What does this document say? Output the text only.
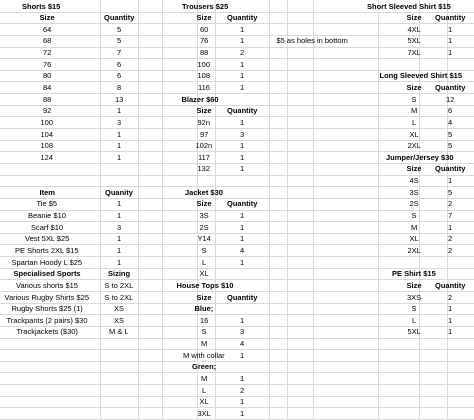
Shorts $15
Size	Quantity
64	5
68	5
72	7
76	6
80	6
84	8
88	13
92	1
100	3
104	1
108	1
124	1
Item	Quanity
Tie $5	1
Beanie $10	1
Scarf $10	3
Vest 5XL $25	1
PE Shorts 2XL $15	1
Spartan Hoody L $25	1
Specialised Sports	Sizing
Various shorts $15	S to 2XL
Various Rugby Shirts $25 S to 2XL
Rugby Shorts $25 (1)	XS
Trackpants (2 pairs) $30	XS
Trackjackets ($30)	M & L
Trousers $25
Size Quantity
60	1
76	1
88	2
100	1
108	1
116	1
$5 as holes in bottom
Blazer $60
Size Quantity
92n	1
97	3
102n	1
117	1
132	1
Jacket $30
Size Quantity
3S	1
2S	1
Y14	1
S	4
L	1
XL
House Tops $10
Size Quantity
Blue;
16	1
S	3
M	4
M with collar 1
Green;
M	1
L	2
XL	1
3XL	1
Short Sleeved Shirt $15
Size Quantity
4XL	1
5XL	1
7XL	1
Long Sleeved Shirt $15
Size Quantity
S	12
M	6
L	4
XL	5
2XL	5
Jumper/Jersey $30
Size Quantity
4S	1
3S	5
2S	2
S	7
M	1
XL	2
2XL	2
PE Shirt $15
Size Quantity
3XS	2
S	1
L	1
5XL	1
